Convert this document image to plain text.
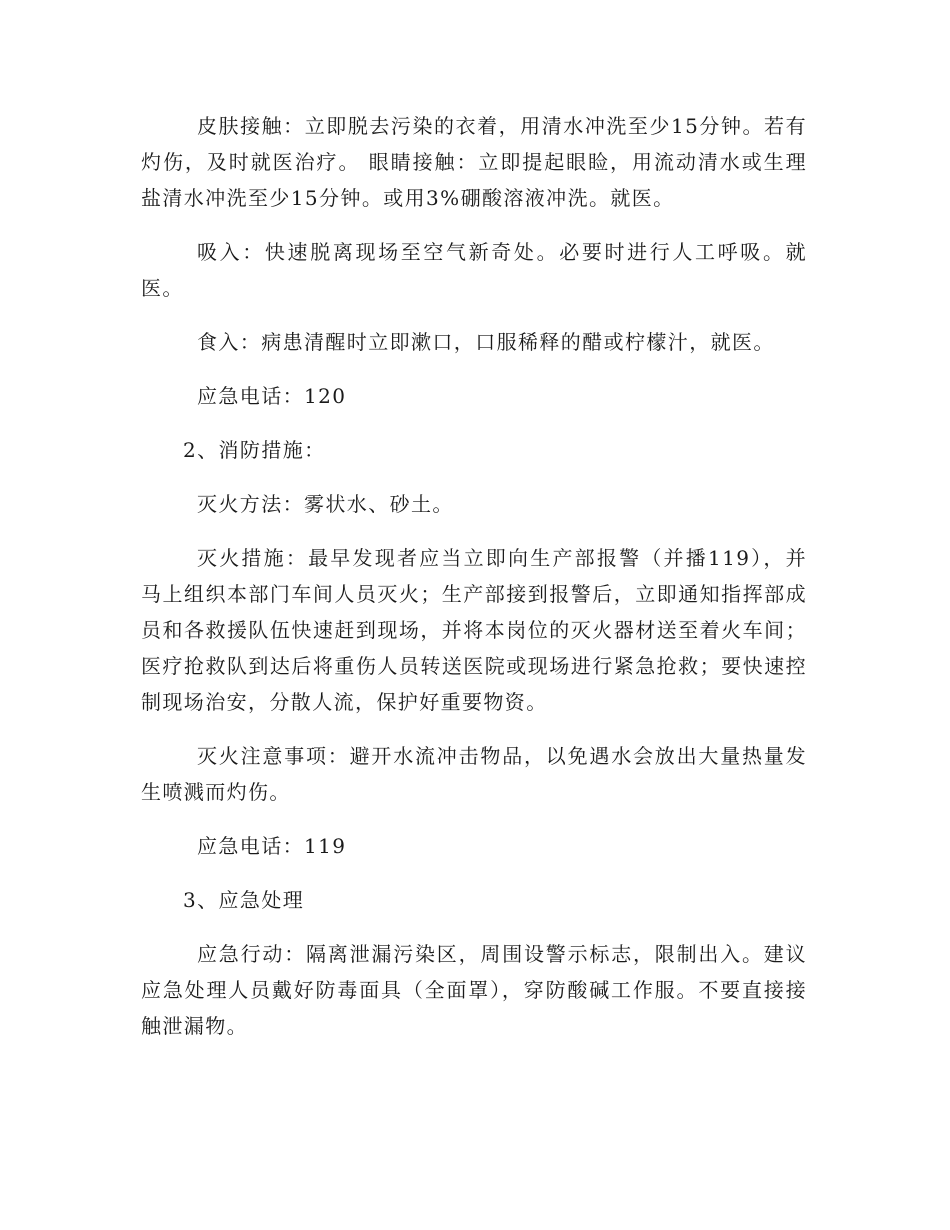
皮肤接触：立即脱去污染的衣着，用清水冲洗至少15分钟。若有灼伤，及时就医治疗。 眼睛接触：立即提起眼睑，用流动清水或生理盐清水冲洗至少15分钟。或用3%硼酸溶液冲洗。就医。

吸入：快速脱离现场至空气新奇处。必要时进行人工呼吸。就医。

食入：病患清醒时立即漱口，口服稀释的醋或柠檬汁，就医。

应急电话：120

2、消防措施：

灭火方法：雾状水、砂土。

灭火措施：最早发现者应当立即向生产部报警（并播119），并马上组织本部门车间人员灭火；生产部接到报警后，立即通知指挥部成员和各救援队伍快速赶到现场，并将本岗位的灭火器材送至着火车间；医疗抢救队到达后将重伤人员转送医院或现场进行紧急抢救；要快速控制现场治安，分散人流，保护好重要物资。

灭火注意事项：避开水流冲击物品，以免遇水会放出大量热量发生喷溅而灼伤。

应急电话：119

3、应急处理

应急行动：隔离泄漏污染区，周围设警示标志，限制出入。建议应急处理人员戴好防毒面具（全面罩），穿防酸碱工作服。不要直接接触泄漏物。
